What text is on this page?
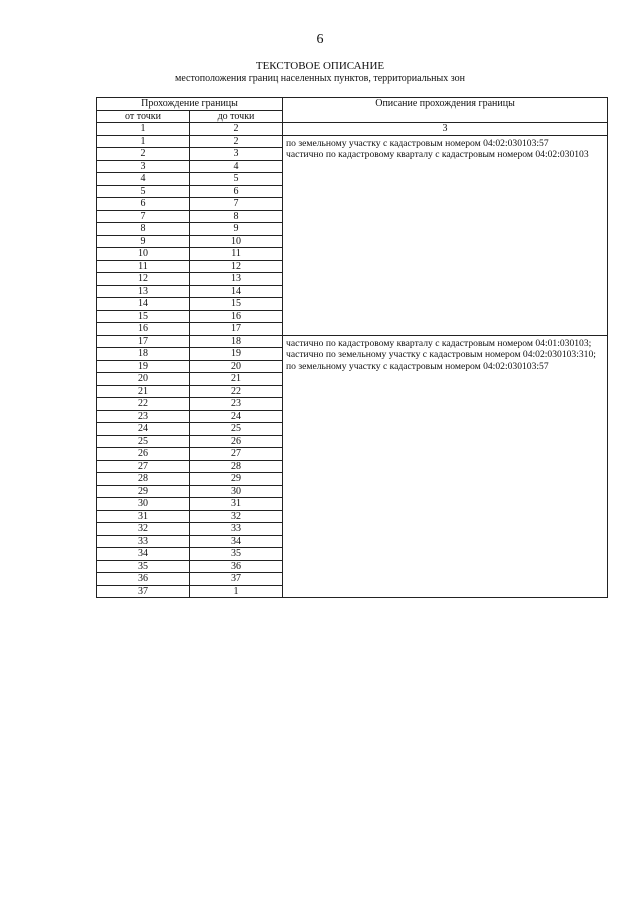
6
ТЕКСТОВОЕ ОПИСАНИЕ
местоположения границ населенных пунктов, территориальных зон
Прохождение границы		Описание прохождения границы
от точки	до точки	
1	2	3
1	2	по земельному участку с кадастровым номером 04:02:030103:57
частично по кадастровому кварталу с кадастровым номером 04:02:030103
2	3	
3	4	
4	5	
5	6	
6	7	
7	8	
8	9	
9	10	
10	11	
11	12	
12	13	
13	14	
14	15	
15	16	
16	17	
17	18	частично по кадастровому кварталу с кадастровым номером 04:01:030103; частично по земельному участку с кадастровым номером 04:02:030103:310; по земельному участку с кадастровым номером 04:02:030103:57
18	19	
19	20	
20	21	
21	22	
22	23	
23	24	
24	25	
25	26	
26	27	
27	28	
28	29	
29	30	
30	31	
31	32	
32	33	
33	34	
34	35	
35	36	
36	37	
37	1	
